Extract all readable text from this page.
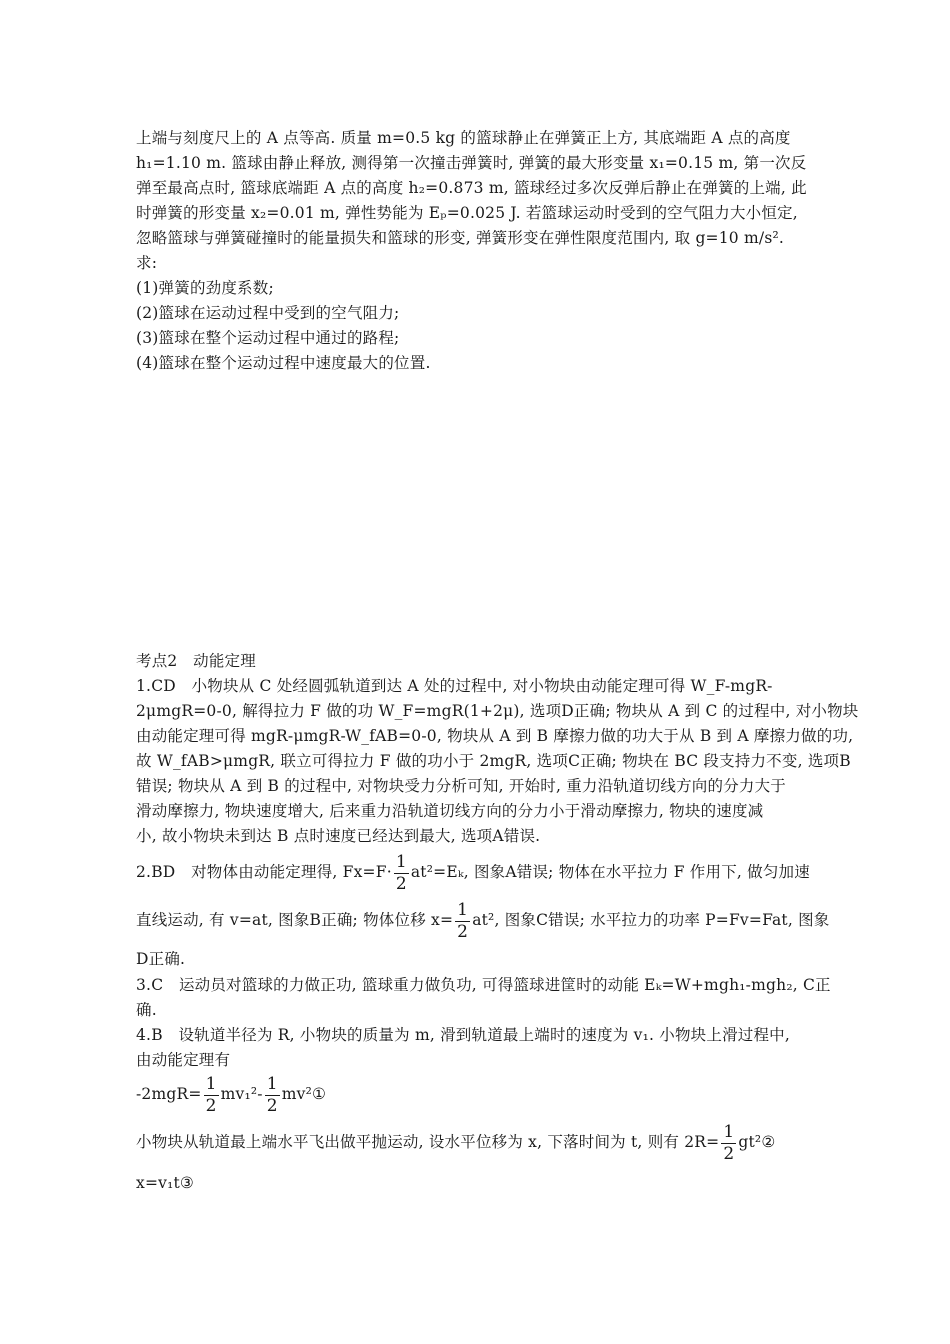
上端与刻度尺上的 A 点等高. 质量 m=0.5 kg 的篮球静止在弹簧正上方, 其底端距 A 点的高度
h₁=1.10 m. 篮球由静止释放, 测得第一次撞击弹簧时, 弹簧的最大形变量 x₁=0.15 m, 第一次反
弹至最高点时, 篮球底端距 A 点的高度 h₂=0.873 m, 篮球经过多次反弹后静止在弹簧的上端, 此
时弹簧的形变量 x₂=0.01 m, 弹性势能为 Eₚ=0.025 J. 若篮球运动时受到的空气阻力大小恒定,
忽略篮球与弹簧碰撞时的能量损失和篮球的形变, 弹簧形变在弹性限度范围内, 取 g=10 m/s².
求:
(1)弹簧的劲度系数;
(2)篮球在运动过程中受到的空气阻力;
(3)篮球在整个运动过程中通过的路程;
(4)篮球在整个运动过程中速度最大的位置.
考点2　动能定理
1.CD　小物块从 C 处经圆弧轨道到达 A 处的过程中, 对小物块由动能定理可得 W_F-mgR-
2μmgR=0-0, 解得拉力 F 做的功 W_F=mgR(1+2μ), 选项D正确; 物块从 A 到 C 的过程中, 对小物块
由动能定理可得 mgR-μmgR-W_fAB=0-0, 物块从 A 到 B 摩擦力做的功大于从 B 到 A 摩擦力做的功,
故 W_fAB>μmgR, 联立可得拉力 F 做的功小于 2mgR, 选项C正确; 物块在 BC 段支持力不变, 选项B
错误; 物块从 A 到 B 的过程中, 对物块受力分析可知, 开始时, 重力沿轨道切线方向的分力大于
滑动摩擦力, 物块速度增大, 后来重力沿轨道切线方向的分力小于滑动摩擦力, 物块的速度减
小, 故小物块未到达 B 点时速度已经达到最大, 选项A错误.
2.BD　对物体由动能定理得, $Fx=F\cdot \frac{1}{2} at^2=E_k$, 图象A错误; 物体在水平拉力 F 作用下, 做匀加速
直线运动, 有 v=at, 图象B正确; 物体位移 $x= \frac{1}{2} at^2$, 图象C错误; 水平拉力的功率 P=Fv=Fat, 图象
D正确.
3.C　运动员对篮球的力做正功, 篮球重力做负功, 可得篮球进筐时的动能 Eₖ=W+mgh₁-mgh₂, C正
确.
4.B　设轨道半径为 R, 小物块的质量为 m, 滑到轨道最上端时的速度为 v₁. 小物块上滑过程中,
由动能定理有
$-2mgR= \frac{1}{2} mv_1^2- \frac{1}{2}$ mv²①
小物块从轨道最上端水平飞出做平抛运动, 设水平位移为 x, 下落时间为 t, 则有 $2R= \frac{1}{2}$ gt²②
x=v₁t③
